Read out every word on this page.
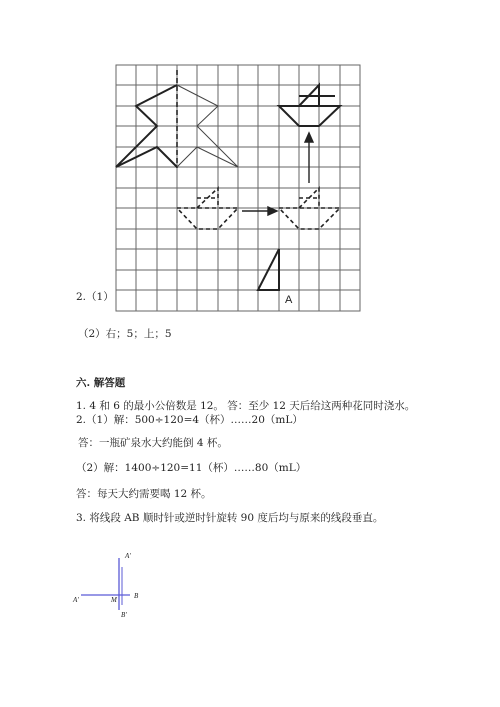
A
2.（1）
（2）右；5；上；5
六. 解答题
1. 4 和 6 的最小公倍数是 12。 答：至少 12 天后给这两种花同时浇水。
2.（1）解：500÷120=4（杯）……20（mL）
答：一瓶矿泉水大约能倒 4 杯。
（2）解：1400÷120=11（杯）……80（mL）
答：每天大约需要喝 12 杯。
3. 将线段 AB 顺时针或逆时针旋转 90 度后均与原来的线段垂直。
A'
A'	M B
B'
